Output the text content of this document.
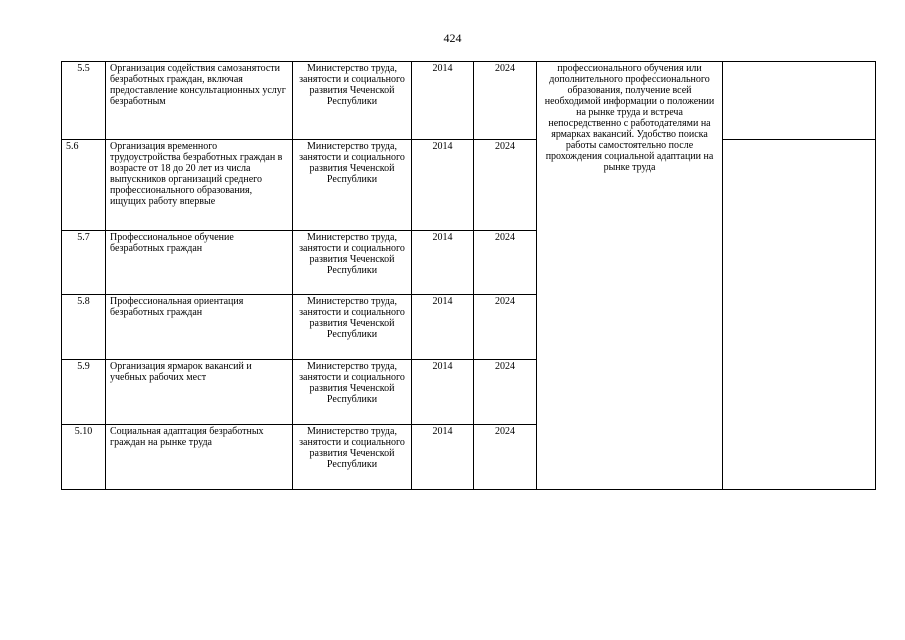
424
5.5	Организация содействия самозанятости безработных граждан, включая предоставление консультационных услуг безработным	Министерство труда, занятости и социального развития Чеченской Республики	2014	2024	профессионального обучения или дополнительного профессионального образования, получение всей необходимой информации о положении на рынке труда и встреча непосредственно с работодателями на ярмарках вакансий. Удобство поиска работы самостоятельно после прохождения социальной адаптации на рынке труда	

5.6	Организация временного трудоустройства безработных граждан в возрасте от 18 до 20 лет из числа выпускников организаций среднего профессионального образования, ищущих работу впервые	Министерство труда, занятости и социального развития Чеченской Республики	2014	2024		

5.7	Профессиональное обучение безработных граждан	Министерство труда, занятости и социального развития Чеченской Республики	2014	2024		

5.8	Профессиональная ориентация безработных граждан	Министерство труда, занятости и социального развития Чеченской Республики	2014	2024		

5.9	Организация ярмарок вакансий и учебных рабочих мест	Министерство труда, занятости и социального развития Чеченской Республики	2014	2024		

5.10	Социальная адаптация безработных граждан на рынке труда	Министерство труда, занятости и социального развития Чеченской Республики	2014	2024		
